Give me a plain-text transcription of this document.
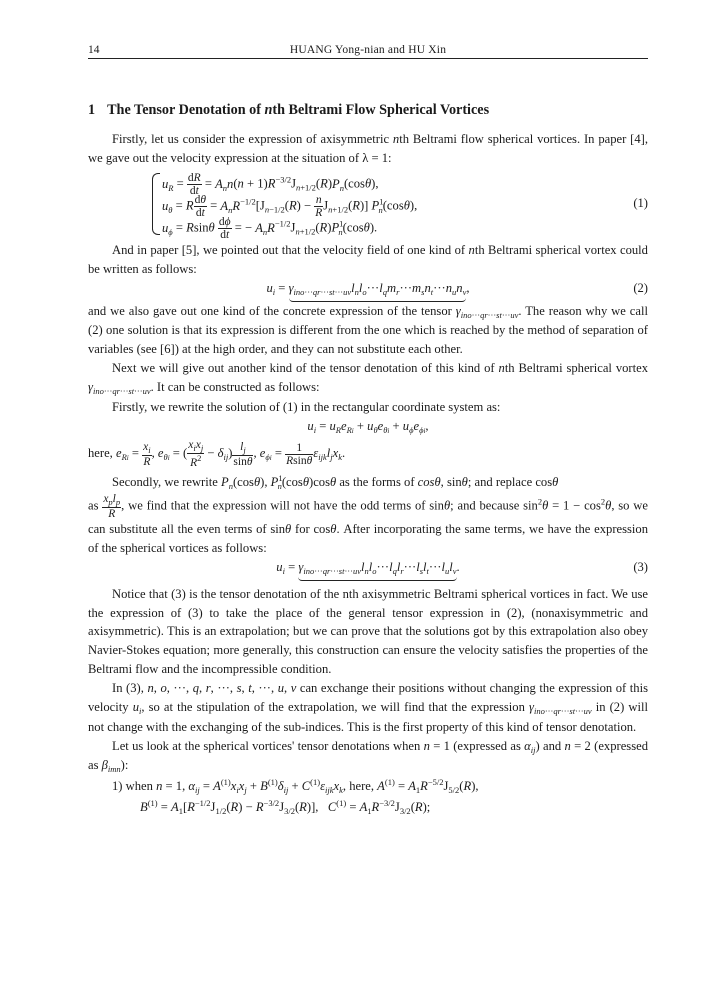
14	HUANG Yong-nian and HU Xin
1 The Tensor Denotation of nth Beltrami Flow Spherical Vortices

Firstly, let us consider the expression of axisymmetric nth Beltrami flow spherical vortices. In paper [4], we gave out the velocity expression at the situation of λ = 1:

$u_R = \frac{dR}{dt} = A_nn(n + 1)R^{-3/2}J_{n+1/2}(R)P_n(\cos\theta)$,
$u_\theta = R \frac{d\theta}{dt} = A_nR^{-1/2}[J_{n-1/2}(R) - \frac{n}{R} J_{n+1/2}(R)]$ $P^1_n(\cos\theta)$,	(1)
$u_\phi = Rsin\theta \frac{d\phi}{dt}$ = − $A_nR^{-1/2}J_{n+1/2}(R)P^1_n(\cos\theta)$.

And in paper [5], we pointed out that the velocity field of one kind of nth Beltrami spherical vortex could be written as follows:

$u_i = \gamma_{ino\cdot\cdot\cdot qr\cdot\cdot\cdot st\cdot\cdot\cdot uv}l_nl_o\cdot\cdot\cdot l_qm_r\cdot\cdot\cdot m_sn_t\cdot\cdot\cdot n_un_v$,	(2)

and we also gave out one kind of the concrete expression of the tensor $\gamma_{ino\cdot\cdot\cdot qr\cdot\cdot\cdot st\cdot\cdot\cdot uv}$. The reason why we call (2) one solution is that its expression is different from the one which is reached by the method of separation of variables (see [6]) at the high order, and they can not substitute each other.

Next we will give out another kind of the tensor denotation of this kind of nth Beltrami spherical vortex $\gamma_{ino\cdot\cdot\cdot qr\cdot\cdot\cdot st\cdot\cdot\cdot uv}$. It can be constructed as follows:

Firstly, we rewrite the solution of (1) in the rectangular coordinate system as:

$u_i = u_Re_{Ri} + u_\theta e_{\theta i} + u_\phi e_{\phi i}$,
here, $e_{Ri} = \frac{x_i}{R}$ , $e_{\theta i}$ = ( $\frac{x_ix_j}{R^2} - \delta_{ij}) \frac{l_j}{\sin\theta}$ , $e_{\phi i} = \frac{1}{Rsin\theta} \varepsilon_{ijk}l_jx_k$.

Secondly, we rewrite $P_n(\cos\theta)$, $P^1_n(\cos\theta)\cos\theta$ as the forms of cosθ, sinθ; and replace cosθ

as $\frac{x_pl_p}{R}$ , we find that the expression will not have the odd terms of sinθ; and because $\sin^2\theta = 1 - \cos^2\theta$, so we can substitute all the even terms of sinθ for cosθ. After incorporating the same terms, we have the expression of the spherical vortices as follows:

$u_i = \gamma_{ino\cdot\cdot\cdot qr\cdot\cdot\cdot st\cdot\cdot\cdot uv}l_nl_o\cdot\cdot\cdot l_ql_r\cdot\cdot\cdot l_sl_t\cdot\cdot\cdot l_ul_v$.	(3)

Notice that (3) is the tensor denotation of the nth axisymmetric Beltrami spherical vortices in fact. We use the expression of (3) to take the place of the general tensor expression in (2), (nonaxisymmetric and axisymmetric). This is an extrapolation; but we can prove that the solutions got by this extrapolation also obey Navier-Stokes equation; more generally, this construction can ensure the velocity satisfies the properties of the Beltrami flow and the incompressible condition.

In (3), n, o, ···, q, r, ···, s, t, ···, u, v can exchange their positions without changing the expression of this velocity $u_i$, so at the stipulation of the extrapolation, we will find that the expression $\gamma_{ino\cdot\cdot\cdot qr\cdot\cdot\cdot st\cdot\cdot\cdot uv}$ in (2) will not change with the exchanging of the sub-indices. This is the first property of this kind of tensor denotation.

Let us look at the spherical vortices' tensor denotations when n = 1 (expressed as $\alpha_{ij}$) and n = 2 (expressed as $\beta_{imn}$):

1) when n = 1, $\alpha_{ij} = A^{(1)}x_ix_j + B^{(1)}\delta_{ij} + C^{(1)}\varepsilon_{ijk}x_k$, here, $A^{(1)} = A_1R^{-5/2}J_{5/2}(R)$,
$B^{(1)} = A_1[R^{-1/2}J_{1/2}(R) - R^{-3/2}J_{3/2}(R)]$,   $C^{(1)} = A_1R^{-3/2}J_{3/2}(R)$;
